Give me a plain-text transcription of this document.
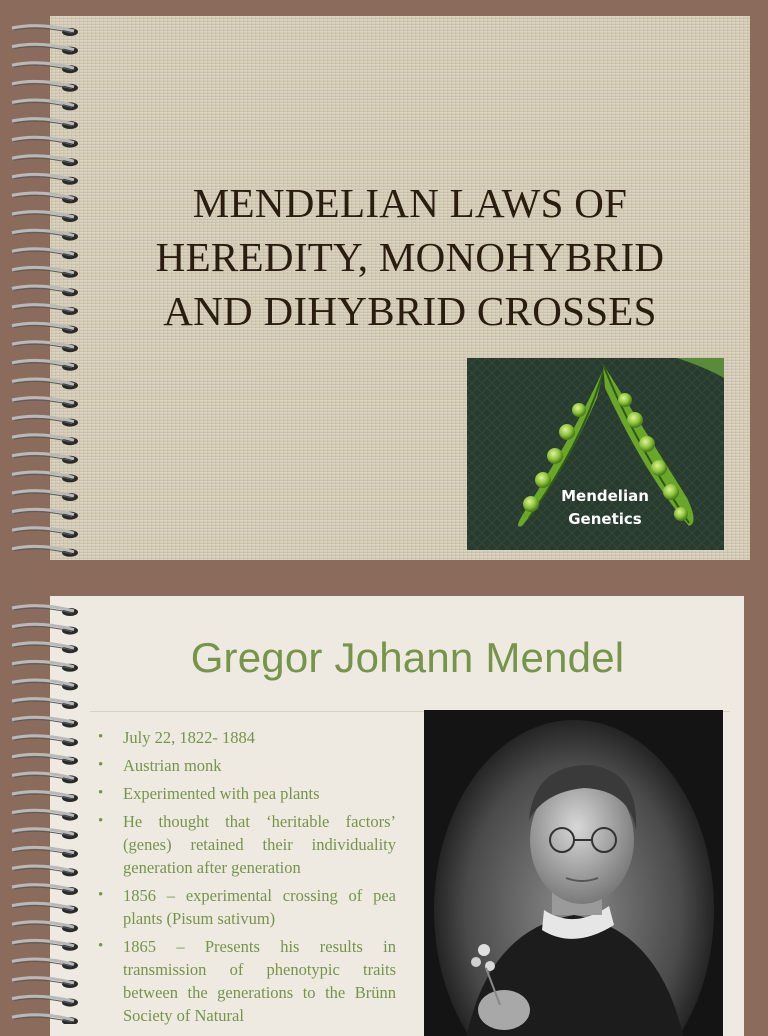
MENDELIAN LAWS OF
HEREDITY, MONOHYBRID
AND DIHYBRID CROSSES
Mendelian
Genetics
Gregor Johann Mendel
• July 22, 1822- 1884
• Austrian monk
• Experimented with pea plants
• He thought that ‘heritable factors’ (genes) retained their individuality generation after generation
• 1856 – experimental crossing of pea plants (Pisum sativum)
• 1865 – Presents his results in transmission of phenotypic traits between the generations to the Brünn Society of Natural
